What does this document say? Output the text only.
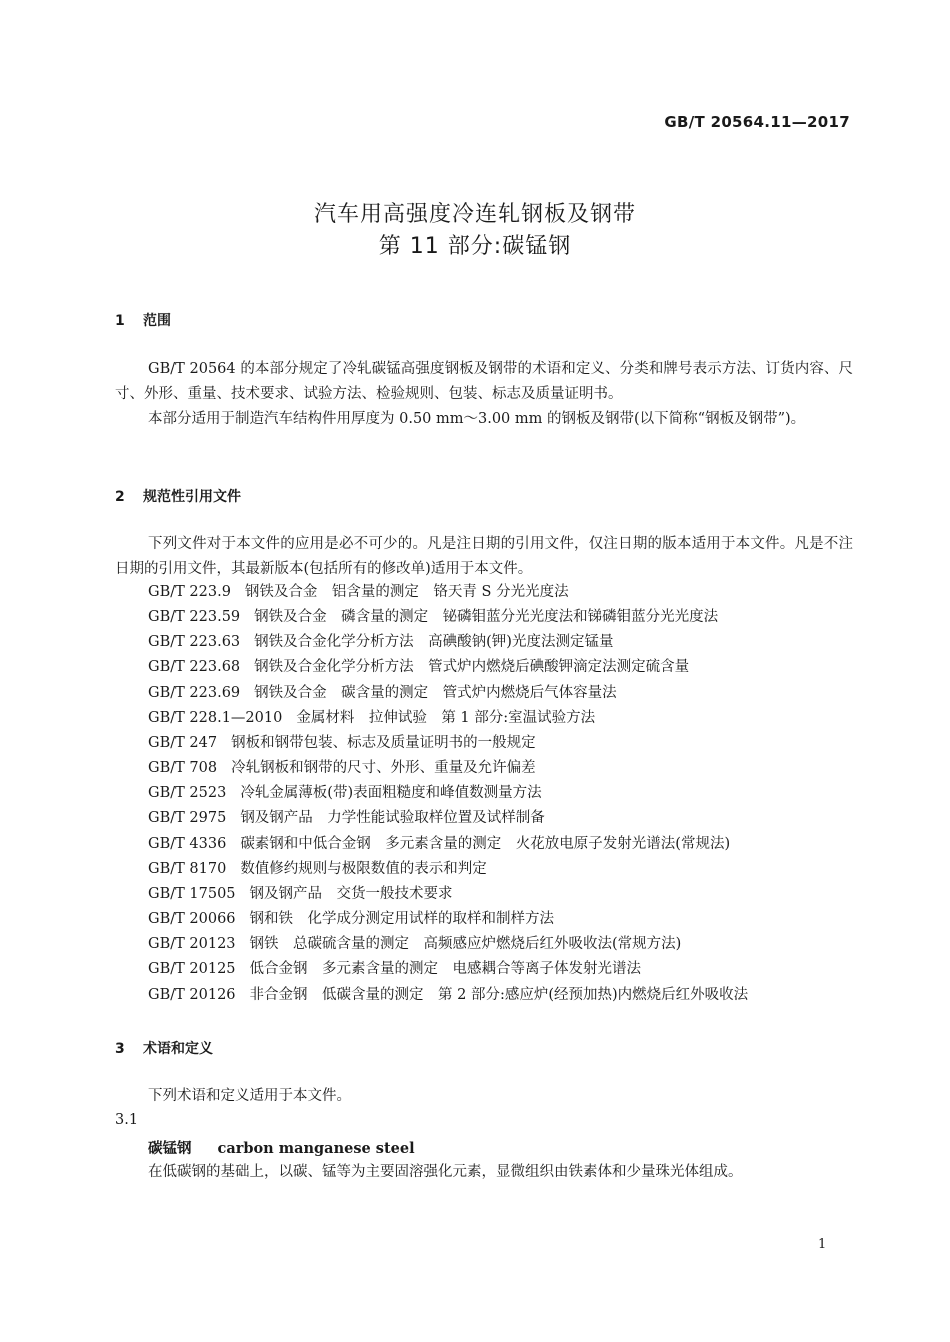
GB/T 20564.11—2017
汽车用高强度冷连轧钢板及钢带
第 11 部分:碳锰钢
1 范围

GB/T 20564 的本部分规定了冷轧碳锰高强度钢板及钢带的术语和定义、分类和牌号表示方法、订货内容、尺寸、外形、重量、技术要求、试验方法、检验规则、包装、标志及质量证明书。

本部分适用于制造汽车结构件用厚度为 0.50 mm～3.00 mm 的钢板及钢带(以下简称“钢板及钢带”)。

2 规范性引用文件

下列文件对于本文件的应用是必不可少的。凡是注日期的引用文件，仅注日期的版本适用于本文件。凡是不注日期的引用文件，其最新版本(包括所有的修改单)适用于本文件。

GB/T 223.9 钢铁及合金　铝含量的测定　铬天青 S 分光光度法
GB/T 223.59 钢铁及合金　磷含量的测定　铋磷钼蓝分光光度法和锑磷钼蓝分光光度法
GB/T 223.63 钢铁及合金化学分析方法　高碘酸钠(钾)光度法测定锰量
GB/T 223.68 钢铁及合金化学分析方法　管式炉内燃烧后碘酸钾滴定法测定硫含量
GB/T 223.69 钢铁及合金　碳含量的测定　管式炉内燃烧后气体容量法
GB/T 228.1—2010 金属材料　拉伸试验　第 1 部分:室温试验方法
GB/T 247 钢板和钢带包装、标志及质量证明书的一般规定
GB/T 708 冷轧钢板和钢带的尺寸、外形、重量及允许偏差
GB/T 2523 冷轧金属薄板(带)表面粗糙度和峰值数测量方法
GB/T 2975 钢及钢产品　力学性能试验取样位置及试样制备
GB/T 4336 碳素钢和中低合金钢　多元素含量的测定　火花放电原子发射光谱法(常规法)
GB/T 8170 数值修约规则与极限数值的表示和判定
GB/T 17505 钢及钢产品　交货一般技术要求
GB/T 20066 钢和铁　化学成分测定用试样的取样和制样方法
GB/T 20123 钢铁　总碳硫含量的测定　高频感应炉燃烧后红外吸收法(常规方法)
GB/T 20125 低合金钢　多元素含量的测定　电感耦合等离子体发射光谱法
GB/T 20126 非合金钢　低碳含量的测定　第 2 部分:感应炉(经预加热)内燃烧后红外吸收法
3 术语和定义

下列术语和定义适用于本文件。

3.1
碳锰钢 carbon manganese steel
在低碳钢的基础上，以碳、锰等为主要固溶强化元素，显微组织由铁素体和少量珠光体组成。
1
